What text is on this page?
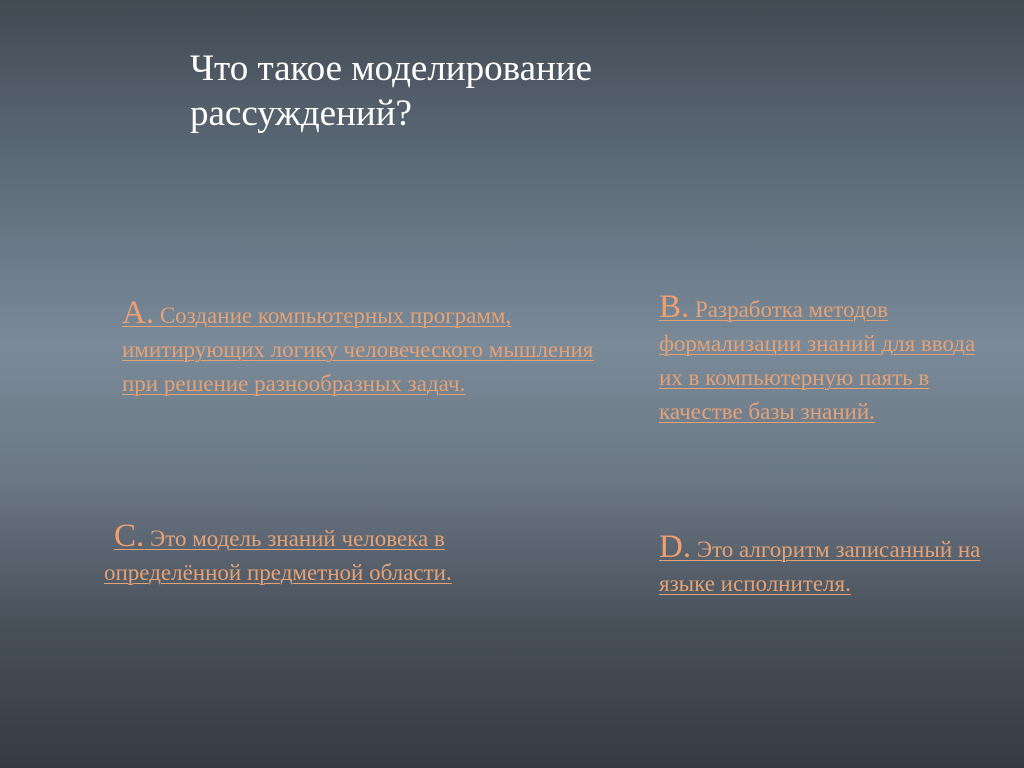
Что такое моделирование
рассуждений?
A. Создание компьютерных программ, имитирующих логику человеческого мышления при решение разнообразных задач.
B. Разработка методов формализации знаний для ввода их в компьютерную паять в качестве базы знаний.
C. Это модель знаний человека в
определённой предметной области.
D. Это алгоритм записанный на языке исполнителя.
